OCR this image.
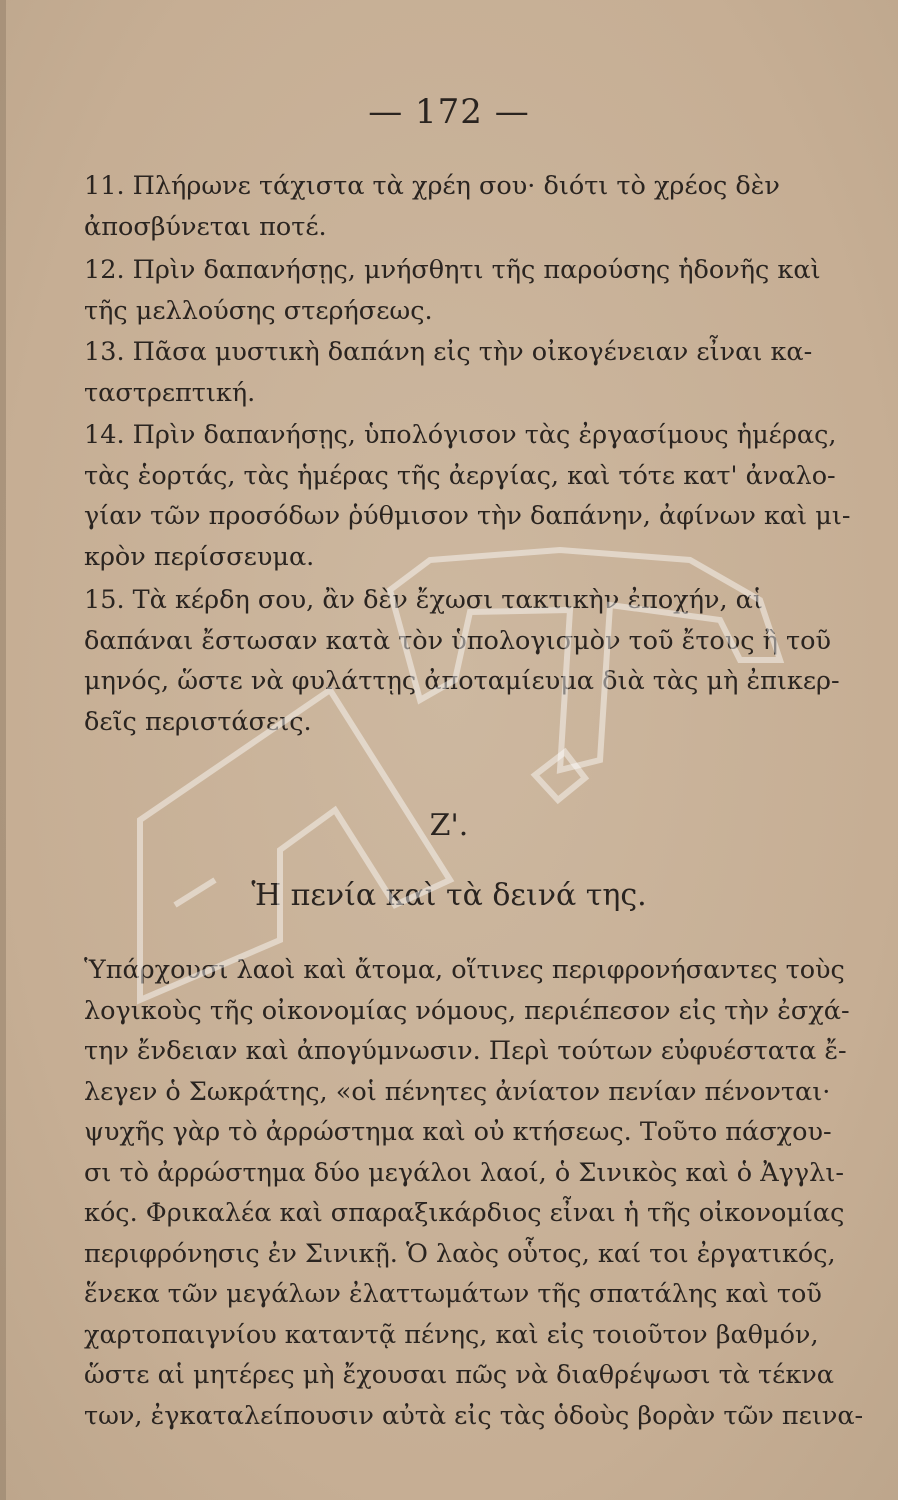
— 172 —
11. Πλήρωνε τάχιστα τὰ χρέη σου· διότι τὸ χρέος δὲν
ἀποσβύνεται ποτέ.
12. Πρὶν δαπανήσῃς, μνήσθητι τῆς παρούσης ἡδονῆς καὶ
τῆς μελλούσης στερήσεως.
13. Πᾶσα μυστικὴ δαπάνη εἰς τὴν οἰκογένειαν εἶναι κα-
ταστρεπτική.
14. Πρὶν δαπανήσῃς, ὑπολόγισον τὰς ἐργασίμους ἡμέρας,
τὰς ἑορτάς, τὰς ἡμέρας τῆς ἀεργίας, καὶ τότε κατ' ἀναλο-
γίαν τῶν προσόδων ῥύθμισον τὴν δαπάνην, ἀφίνων καὶ μι-
κρὸν περίσσευμα.
15. Τὰ κέρδη σου, ἂν δὲν ἔχωσι τακτικὴν ἐποχήν, αἱ
δαπάναι ἔστωσαν κατὰ τὸν ὑπολογισμὸν τοῦ ἔτους ἢ τοῦ
μηνός, ὥστε νὰ φυλάττῃς ἀποταμίευμα διὰ τὰς μὴ ἐπικερ-
δεῖς περιστάσεις.
Ζ'.
Ἡ πενία καὶ τὰ δεινά της.
Ὑπάρχουσι λαοὶ καὶ ἄτομα, οἵτινες περιφρονήσαντες τοὺς
λογικοὺς τῆς οἰκονομίας νόμους, περιέπεσον εἰς τὴν ἐσχά-
την ἔνδειαν καὶ ἀπογύμνωσιν. Περὶ τούτων εὐφυέστατα ἔ-
λεγεν ὁ Σωκράτης, «οἱ πένητες ἀνίατον πενίαν πένονται·
ψυχῆς γὰρ τὸ ἀρρώστημα καὶ οὐ κτήσεως. Τοῦτο πάσχου-
σι τὸ ἀρρώστημα δύο μεγάλοι λαοί, ὁ Σινικὸς καὶ ὁ Ἀγγλι-
κός. Φρικαλέα καὶ σπαραξικάρδιος εἶναι ἡ τῆς οἰκονομίας
περιφρόνησις ἐν Σινικῇ. Ὁ λαὸς οὗτος, καί τοι ἐργατικός,
ἕνεκα τῶν μεγάλων ἐλαττωμάτων τῆς σπατάλης καὶ τοῦ
χαρτοπαιγνίου καταντᾷ πένης, καὶ εἰς τοιοῦτον βαθμόν,
ὥστε αἱ μητέρες μὴ ἔχουσαι πῶς νὰ διαθρέψωσι τὰ τέκνα
των, ἐγκαταλείπουσιν αὐτὰ εἰς τὰς ὁδοὺς βορὰν τῶν πεινα-
